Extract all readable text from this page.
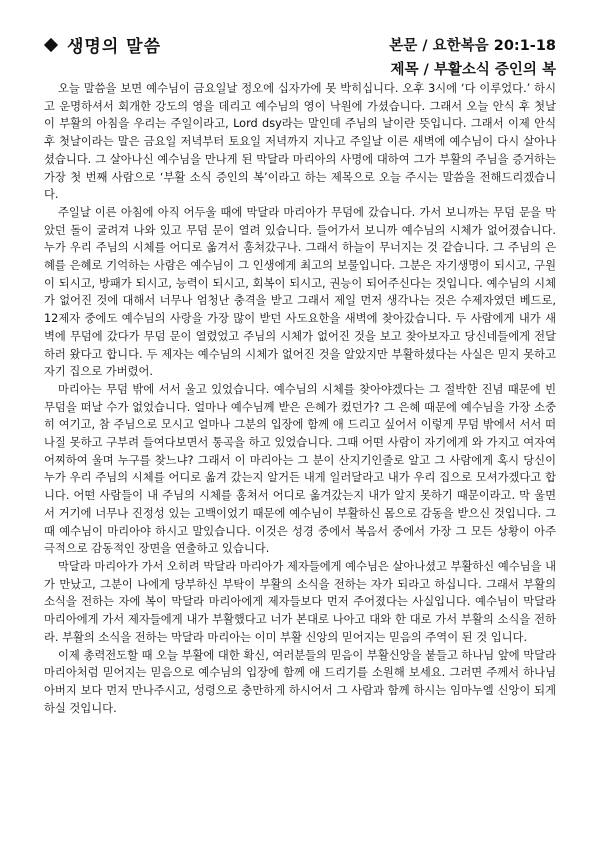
생명의 말씀	본문 / 요한복음 20:1-18
제목 / 부활소식 증인의 복

오늘 말씀을 보면 예수님이 금요일날 정오에 십자가에 못 박히십니다. 오후 3시에 ‘다 이루었다.’ 하시고 운명하셔서 회개한 강도의 영을 데리고 예수님의 영이 낙원에 가셨습니다. 그래서 오늘 안식 후 첫날 이 부활의 아침을 우리는 주일이라고, Lord dsy라는 말인데 주님의 날이란 뜻입니다. 그래서 이제 안식 후 첫날이라는 말은 금요일 저녁부터 토요일 저녁까지 지나고 주일날 이른 새벽에 예수님이 다시 살아나셨습니다. 그 살아나신 예수님을 만나게 된 막달라 마리아의 사명에 대하여 그가 부활의 주님을 증거하는 가장 첫 번째 사람으로 ‘부활 소식 증인의 복’이라고 하는 제목으로 오늘 주시는 말씀을 전해드리겠습니다.

주일날 이른 아침에 아직 어두울 때에 막달라 마리아가 무덤에 갔습니다. 가서 보니까는 무덤 문을 막았던 돌이 굴려져 나와 있고 무덤 문이 열려 있습니다. 들어가서 보니까 예수님의 시체가 없어졌습니다. 누가 우리 주님의 시체를 어디로 옮겨서 훔쳐갔구나. 그래서 하늘이 무너지는 것 같습니다. 그 주님의 은혜를 은혜로 기억하는 사람은 예수님이 그 인생에게 최고의 보물입니다. 그분은 자기생명이 되시고, 구원이 되시고, 방패가 되시고, 능력이 되시고, 회복이 되시고, 권능이 되어주신다는 것입니다. 예수님의 시체가 없어진 것에 대해서 너무나 엄청난 충격을 받고 그래서 제일 먼저 생각나는 것은 수제자였던 베드로, 12제자 중에도 예수님의 사랑을 가장 많이 받던 사도요한을 새벽에 찾아갔습니다. 두 사람에게 내가 새벽에 무덤에 갔다가 무덤 문이 열렸었고 주님의 시체가 없어진 것을 보고 찾아보자고 당신네들에게 전달하러 왔다고 합니다. 두 제자는 예수님의 시체가 없어진 것을 알았지만 부활하셨다는 사실은 믿지 못하고 자기 집으로 가버렸어.

마리아는 무덤 밖에 서서 울고 있었습니다. 예수님의 시체를 찾아야겠다는 그 절박한 진념 때문에 빈 무덤을 떠날 수가 없었습니다. 얼마나 예수님께 받은 은혜가 컸던가? 그 은혜 때문에 예수님을 가장 소중히 여기고, 참 주님으로 모시고 얼마나 그분의 입장에 함께 애 드리고 싶어서 이렇게 무덤 밖에서 서서 떠나질 못하고 구부려 들여다보면서 통곡을 하고 있었습니다. 그때 어떤 사람이 자기에게 와 가지고 여자여 어찌하여 울며 누구를 찾느냐? 그래서 이 마리아는 그 분이 산지기인줄로 알고 그 사람에게 혹시 당신이 누가 우리 주님의 시체를 어디로 옮겨 갔는지 알거든 내게 일러달라고 내가 우리 집으로 모셔가겠다고 합니다. 어떤 사람들이 내 주님의 시체를 훔쳐서 어디로 옮겨갔는지 내가 알지 못하기 때문이라고. 막 울면서 거기에 너무나 진정성 있는 고백이었기 때문에 예수님이 부활하신 몸으로 감동을 받으신 것입니다. 그때 예수님이 마리아야 하시고 말있습니다. 이것은 성경 중에서 복음서 중에서 가장 그 모든 상황이 아주 극적으로 감동적인 장면을 연출하고 있습니다.

막달라 마리아가 가서 오히려 막달라 마리아가 제자들에게 예수님은 살아나셨고 부활하신 예수님을 내가 만났고, 그분이 나에게 당부하신 부탁이 부활의 소식을 전하는 자가 되라고 하십니다. 그래서 부활의 소식을 전하는 자에 복이 막달라 마리아에게 제자들보다 먼저 주어졌다는 사실입니다. 예수님이 막달라 마리아에게 가서 제자들에게 내가 부활했다고 너가 본대로 나아고 대와 한 대로 가서 부활의 소식을 전하라. 부활의 소식을 전하는 막달라 마리아는 이미 부활 신앙의 믿어지는 믿음의 주역이 된 것 입니다.

이제 총력전도할 때 오늘 부활에 대한 확신, 여러분들의 믿음이 부활신앙을 붙들고 하나님 앞에 막달라 마리아처럼 믿어지는 믿음으로 예수님의 입장에 함께 애 드리기를 소원해 보세요. 그러면 주께서 하나님 아버지 보다 먼저 만나주시고, 성령으로 충만하게 하시어서 그 사람과 함께 하시는 임마누엘 신앙이 되게 하실 것입니다.
